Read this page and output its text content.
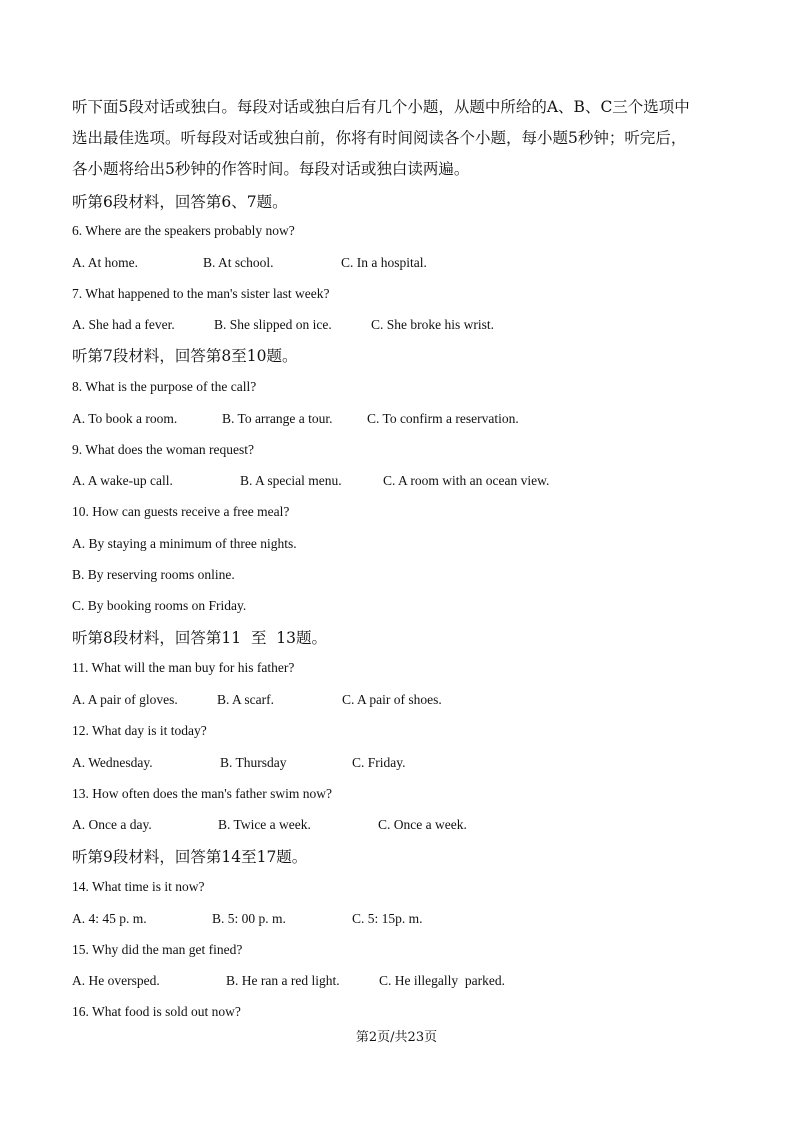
听下面5段对话或独白。每段对话或独白后有几个小题，从题中所给的A、B、C三个选项中
选出最佳选项。听每段对话或独白前，你将有时间阅读各个小题，每小题5秒钟；听完后，
各小题将给出5秒钟的作答时间。每段对话或独白读两遍。
听第6段材料，回答第6、7题。
6. Where are the speakers probably now?

A. At home.

	B. At school.

	C. In a hospital.

7. What happened to the man's sister last week?

A. She had a fever.

	B. She slipped on ice.

	C. She broke his wrist.

听第7段材料，回答第8至10题。
8. What is the purpose of the call?

A. To book a room.

	B. To arrange a tour.

	C. To confirm a reservation.

9. What does the woman request?

A. A wake-up call.

	B. A special menu.

	C. A room with an ocean view.

10. How can guests receive a free meal?
A. By staying a minimum of three nights.
B. By reserving rooms online.
C. By booking rooms on Friday.
听第8段材料，回答第11  至  13题。
11. What will the man buy for his father?

A. A pair of gloves.

	B. A scarf.

	C. A pair of shoes.

12. What day is it today?

A. Wednesday.

	B. Thursday

	C. Friday.

13. How often does the man's father swim now?

A. Once a day.

	B. Twice a week.

	C. Once a week.

听第9段材料，回答第14至17题。
14. What time is it now?

A. 4: 45 p. m.

	B. 5: 00 p. m.

	C. 5: 15p. m.

15. Why did the man get fined?

A. He oversped.

	B. He ran a red light.

	C. He illegally  parked.

16. What food is sold out now?
第2页/共23页
